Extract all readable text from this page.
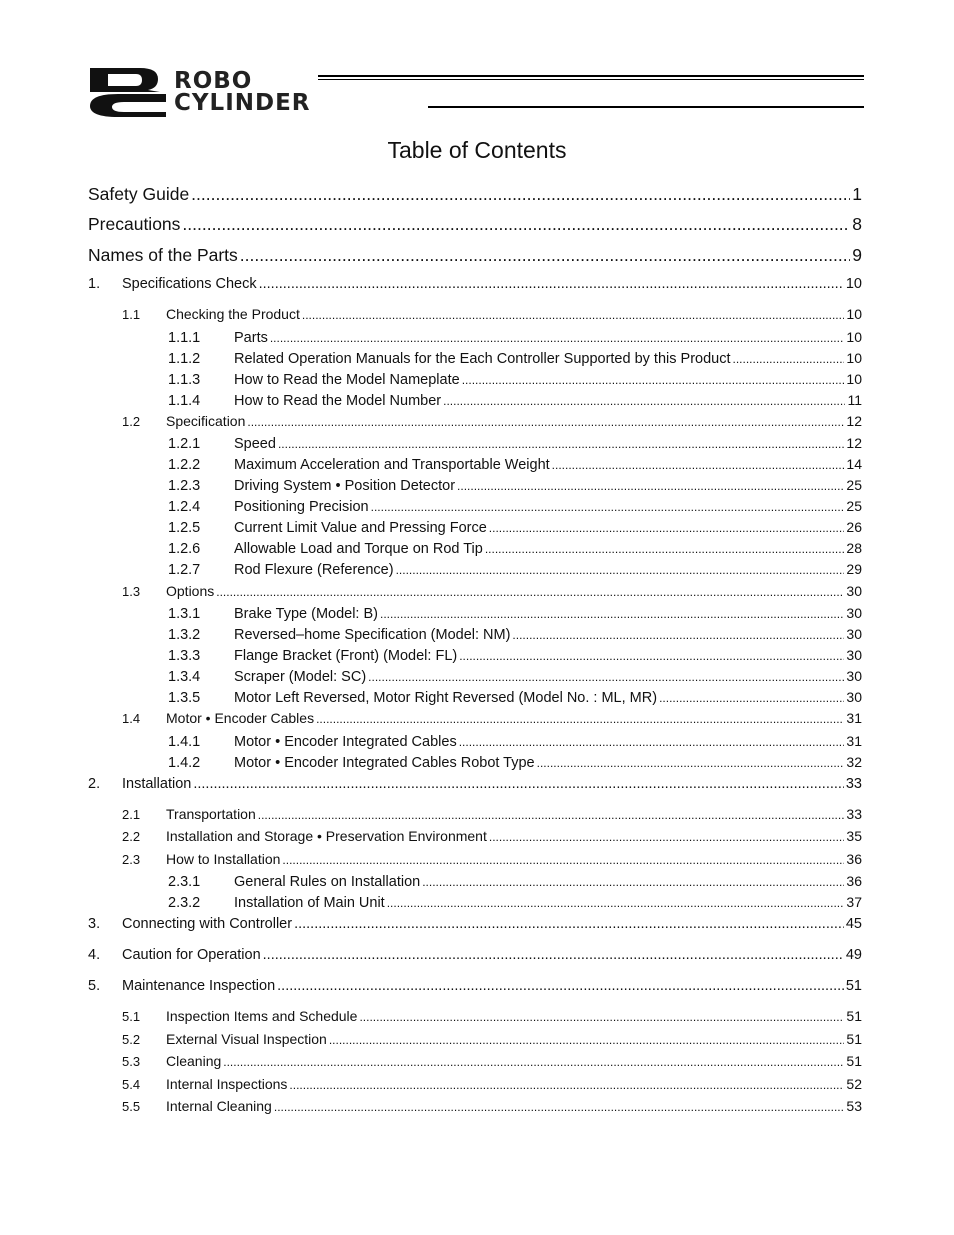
ROBO
CYLINDER
Table of Contents
Safety Guide .....	1
Precautions .....	8
Names of the Parts .....	9
1.	Specifications Check .....	10
1.1	Checking the Product .....	10
1.1.1	Parts .....	10
1.1.2	Related Operation Manuals for the Each Controller Supported by this Product .....	10
1.1.3	How to Read the Model Nameplate .....	10
1.1.4	How to Read the Model Number .....	11
1.2	Specification .....	12
1.2.1	Speed .....	12
1.2.2	Maximum Acceleration and Transportable Weight .....	14
1.2.3	Driving System • Position Detector .....	25
1.2.4	Positioning Precision .....	25
1.2.5	Current Limit Value and Pressing Force .....	26
1.2.6	Allowable Load and Torque on Rod Tip .....	28
1.2.7	Rod Flexure (Reference) .....	29
1.3	Options .....	30
1.3.1	Brake Type (Model: B) .....	30
1.3.2	Reversed–home Specification (Model: NM) .....	30
1.3.3	Flange Bracket (Front) (Model: FL) .....	30
1.3.4	Scraper (Model: SC) .....	30
1.3.5	Motor Left Reversed, Motor Right Reversed (Model No. : ML, MR) .....	30
1.4	Motor • Encoder Cables .....	31
1.4.1	Motor • Encoder Integrated Cables .....	31
1.4.2	Motor • Encoder Integrated Cables Robot Type .....	32
2.	Installation .....	33
2.1	Transportation .....	33
2.2	Installation and Storage • Preservation Environment .....	35
2.3	How to Installation .....	36
2.3.1	General Rules on Installation .....	36
2.3.2	Installation of Main Unit .....	37
3.	Connecting with Controller .....	45
4.	Caution for Operation .....	49
5.	Maintenance Inspection .....	51
5.1	Inspection Items and Schedule .....	51
5.2	External Visual Inspection .....	51
5.3	Cleaning .....	51
5.4	Internal Inspections .....	52
5.5	Internal Cleaning .....	53
